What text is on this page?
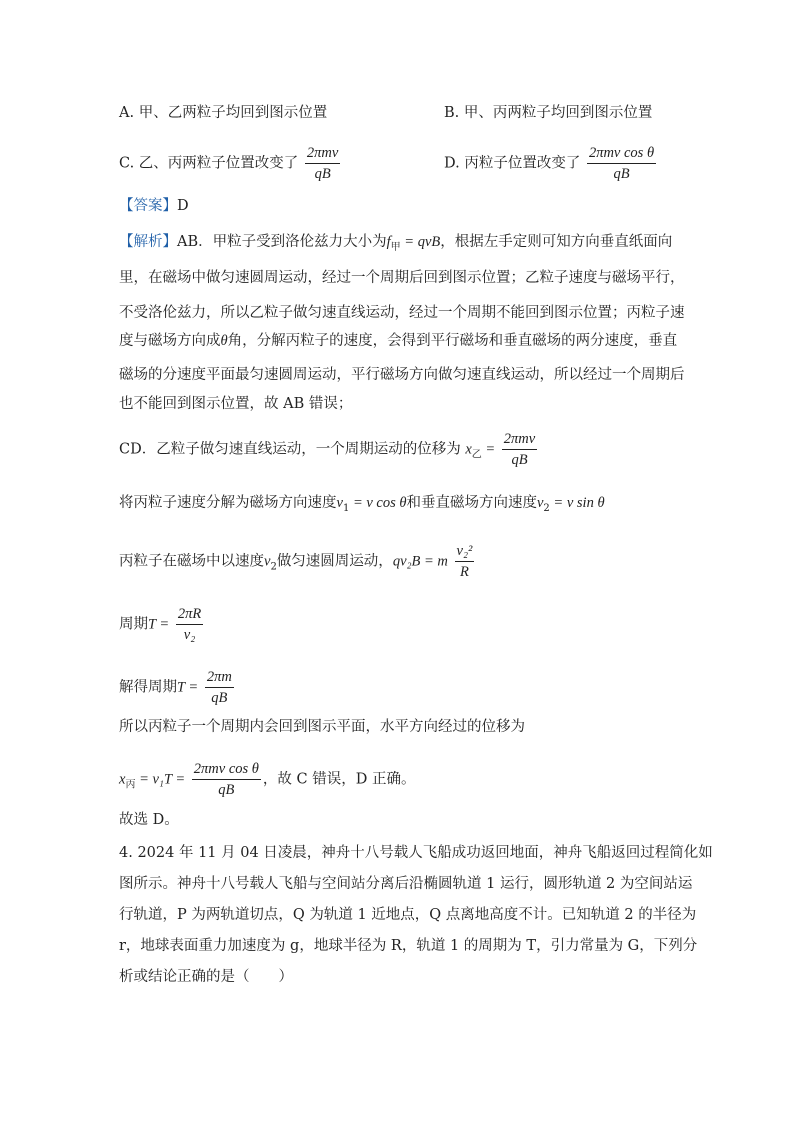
A. 甲、乙两粒子均回到图示位置	B. 甲、丙两粒子均回到图示位置
C. 乙、丙两粒子位置改变了 $\frac{\text{2πmv}}{qB}$	D. 丙粒子位置改变了 $\frac{\text{2πmv cos θ}}{qB}$
【答案】D
【解析】AB．甲粒子受到洛伦兹力大小为$f_甲$ = qvB，根据左手定则可知方向垂直纸面向
里，在磁场中做匀速圆周运动，经过一个周期后回到图示位置；乙粒子速度与磁场平行，
不受洛伦兹力，所以乙粒子做匀速直线运动，经过一个周期不能回到图示位置；丙粒子速
度与磁场方向成θ角，分解丙粒子的速度，会得到平行磁场和垂直磁场的两分速度，垂直
磁场的分速度平面最匀速圆周运动，平行磁场方向做匀速直线运动，所以经过一个周期后
也不能回到图示位置，故 AB 错误；
CD．乙粒子做匀速直线运动，一个周期运动的位移为 $x_乙 = \frac{\text{2πmv}}{qB}$
将丙粒子速度分解为磁场方向速度$v_1 = v$ cos θ和垂直磁场方向速度$v_2 = v$ sin θ
丙粒子在磁场中以速度$v_2$做匀速圆周运动，qv₂B = m $\frac{\text{v₂²}}{R}$
周期$T = \frac{2\pi R}{\text{v₂}}$
解得周期$T = \frac{2\pi m}{qB}$
所以丙粒子一个周期内会回到图示平面，水平方向经过的位移为
$x_丙 = v_1T = \frac{\text{2πmv cos θ}}{qB}$ ，故 C 错误，D 正确。
故选 D。
4. 2024 年 11 月 04 日凌晨，神舟十八号载人飞船成功返回地面，神舟飞船返回过程简化如
图所示。神舟十八号载人飞船与空间站分离后沿椭圆轨道 1 运行，圆形轨道 2 为空间站运
行轨道，P 为两轨道切点，Q 为轨道 1 近地点，Q 点离地高度不计。已知轨道 2 的半径为
r，地球表面重力加速度为 g，地球半径为 R，轨道 1 的周期为 T，引力常量为 G，下列分
析或结论正确的是（　　）
